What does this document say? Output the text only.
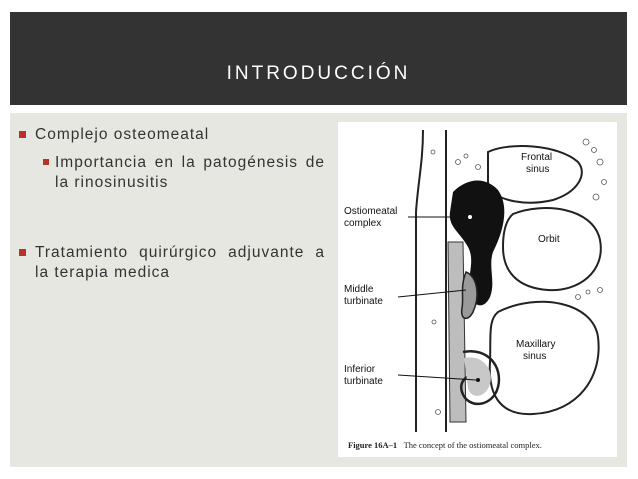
INTRODUCCIÓN
Complejo osteomeatal
Importancia en la patogénesis de la rinosinusitis
Tratamiento quirúrgico adjuvante a la terapia medica
Frontal
sinus
Ostiomeatal
complex
Orbit
Middle
turbinate
Maxillary
sinus
Inferior
turbinate
Figure 16A–1 The concept of the ostiomeatal complex.
